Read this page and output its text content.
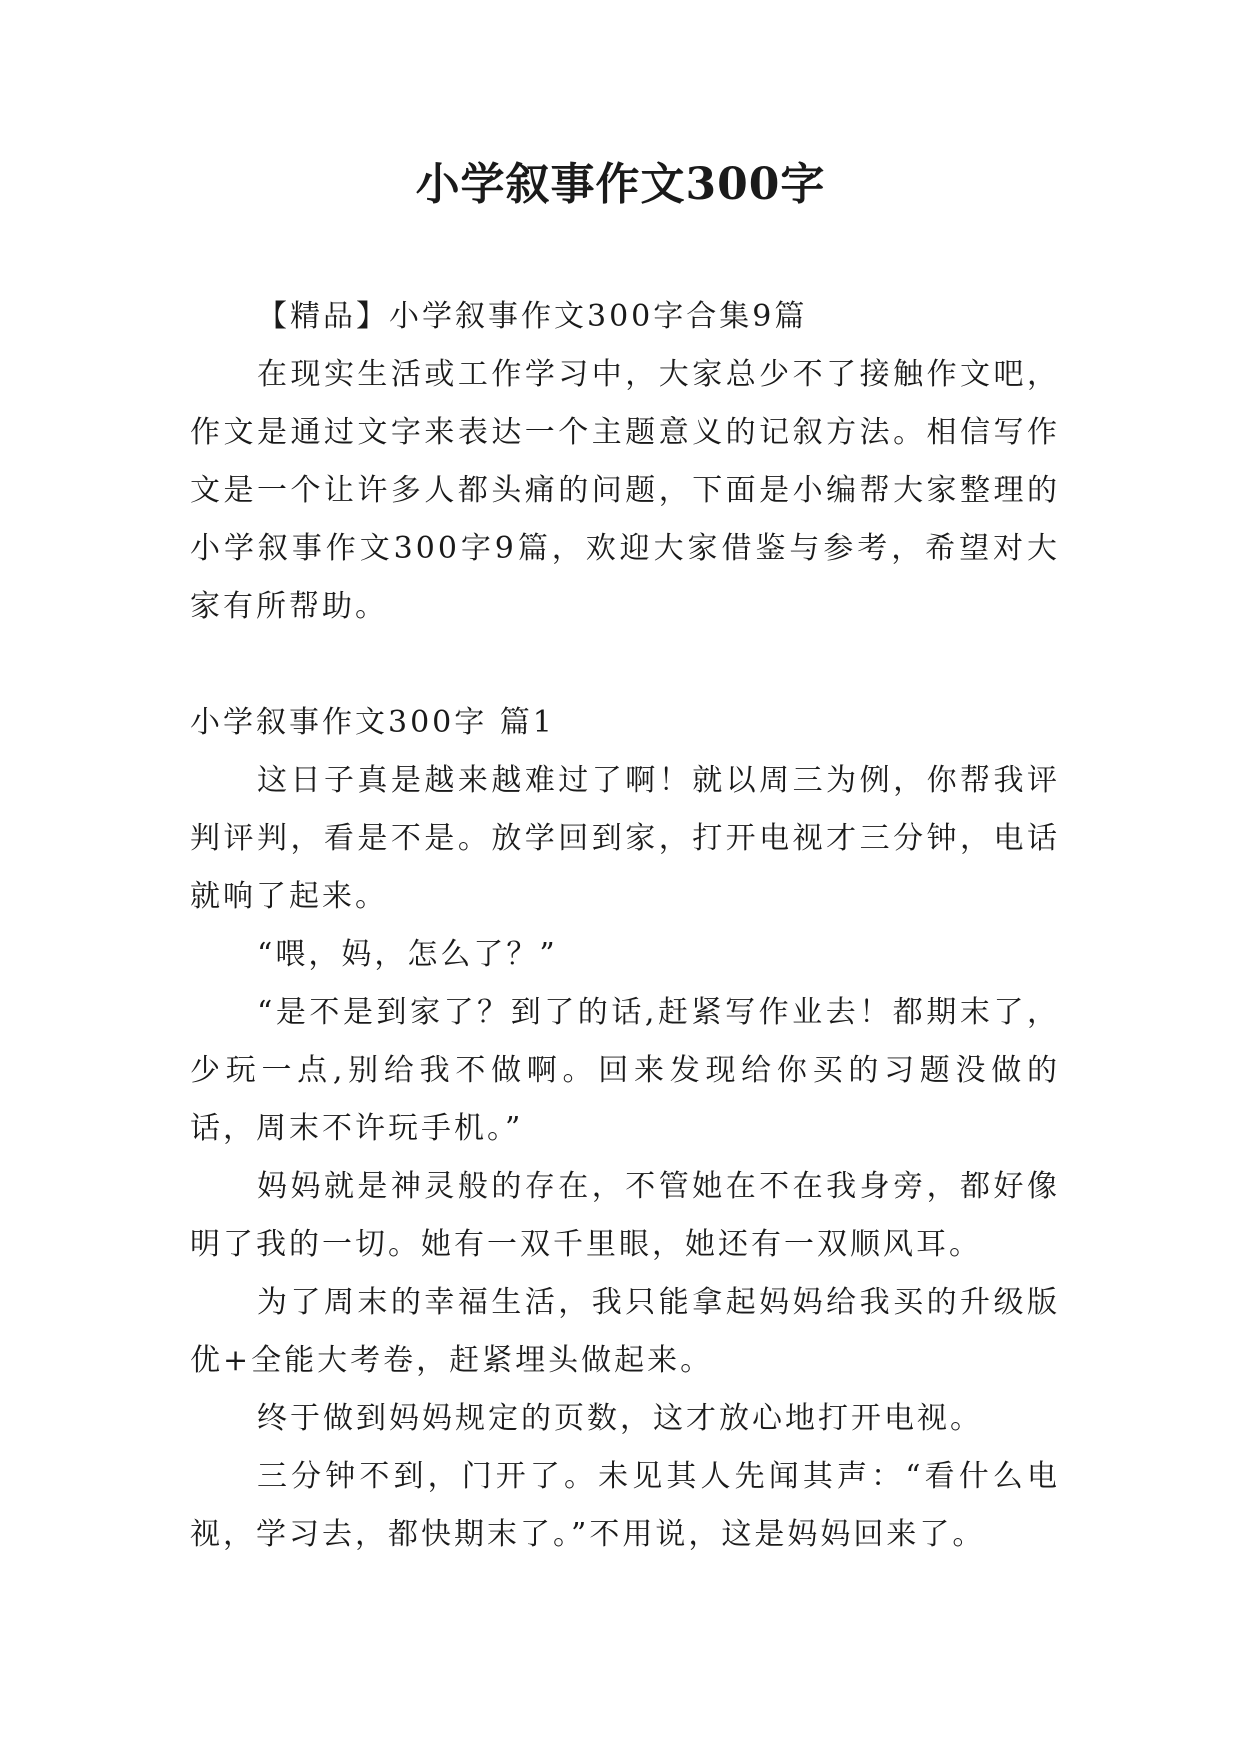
小学叙事作文300字

【精品】小学叙事作文300字合集9篇

在现实生活或工作学习中，大家总少不了接触作文吧，作文是通过文字来表达一个主题意义的记叙方法。相信写作文是一个让许多人都头痛的问题，下面是小编帮大家整理的小学叙事作文300字9篇，欢迎大家借鉴与参考，希望对大家有所帮助。

小学叙事作文300字 篇1

这日子真是越来越难过了啊！就以周三为例，你帮我评判评判，看是不是。放学回到家，打开电视才三分钟，电话就响了起来。

“喂，妈，怎么了？”

“是不是到家了？到了的话,赶紧写作业去！都期末了，少玩一点,别给我不做啊。回来发现给你买的习题没做的话，周末不许玩手机。”

妈妈就是神灵般的存在，不管她在不在我身旁，都好像明了我的一切。她有一双千里眼，她还有一双顺风耳。

为了周末的幸福生活，我只能拿起妈妈给我买的升级版优+全能大考卷，赶紧埋头做起来。

终于做到妈妈规定的页数，这才放心地打开电视。

三分钟不到，门开了。未见其人先闻其声：“看什么电视，学习去，都快期末了。”不用说，这是妈妈回来了。
